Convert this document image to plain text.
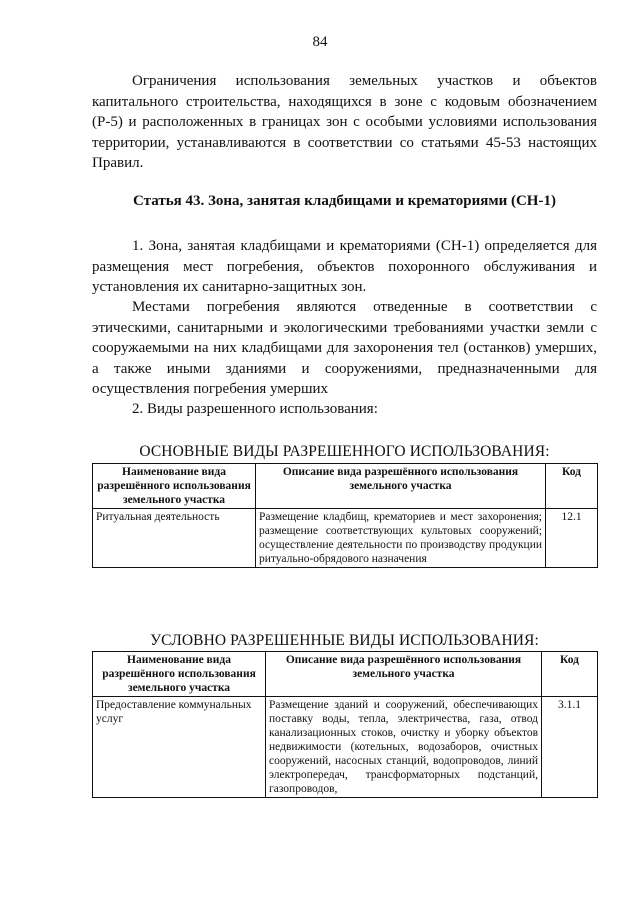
84

Ограничения использования земельных участков и объектов капитального строительства, находящихся в зоне с кодовым обозначением (Р-5) и расположенных в границах зон с особыми условиями использования территории, устанавливаются в соответствии со статьями 45-53 настоящих Правил.

Статья 43. Зона, занятая кладбищами и крематориями (СН-1)

1. Зона, занятая кладбищами и крематориями (СН-1) определяется для размещения мест погребения, объектов похоронного обслуживания и установления их санитарно-защитных зон.

Местами погребения являются отведенные в соответствии с этическими, санитарными и экологическими требованиями участки земли с сооружаемыми на них кладбищами для захоронения тел (останков) умерших, а также иными зданиями и сооружениями, предназначенными для осуществления погребения умерших

2. Виды разрешенного использования:

ОСНОВНЫЕ ВИДЫ РАЗРЕШЕННОГО ИСПОЛЬЗОВАНИЯ:

Наименование вида разрешённого использования земельного участка	Описание вида разрешённого использования земельного участка	Код
Ритуальная деятельность	Размещение кладбищ, крематориев и мест захоронения; размещение соответствующих культовых сооружений; осуществление деятельности по производству продукции ритуально-обрядового назначения	12.1

УСЛОВНО РАЗРЕШЕННЫЕ ВИДЫ ИСПОЛЬЗОВАНИЯ:

Наименование вида разрешённого использования земельного участка	Описание вида разрешённого использования земельного участка	Код
Предоставление коммунальных услуг	Размещение зданий и сооружений, обеспечивающих поставку воды, тепла, электричества, газа, отвод канализационных стоков, очистку и уборку объектов недвижимости (котельных, водозаборов, очистных сооружений, насосных станций, водопроводов, линий электропередач, трансформаторных подстанций, газопроводов,	3.1.1
